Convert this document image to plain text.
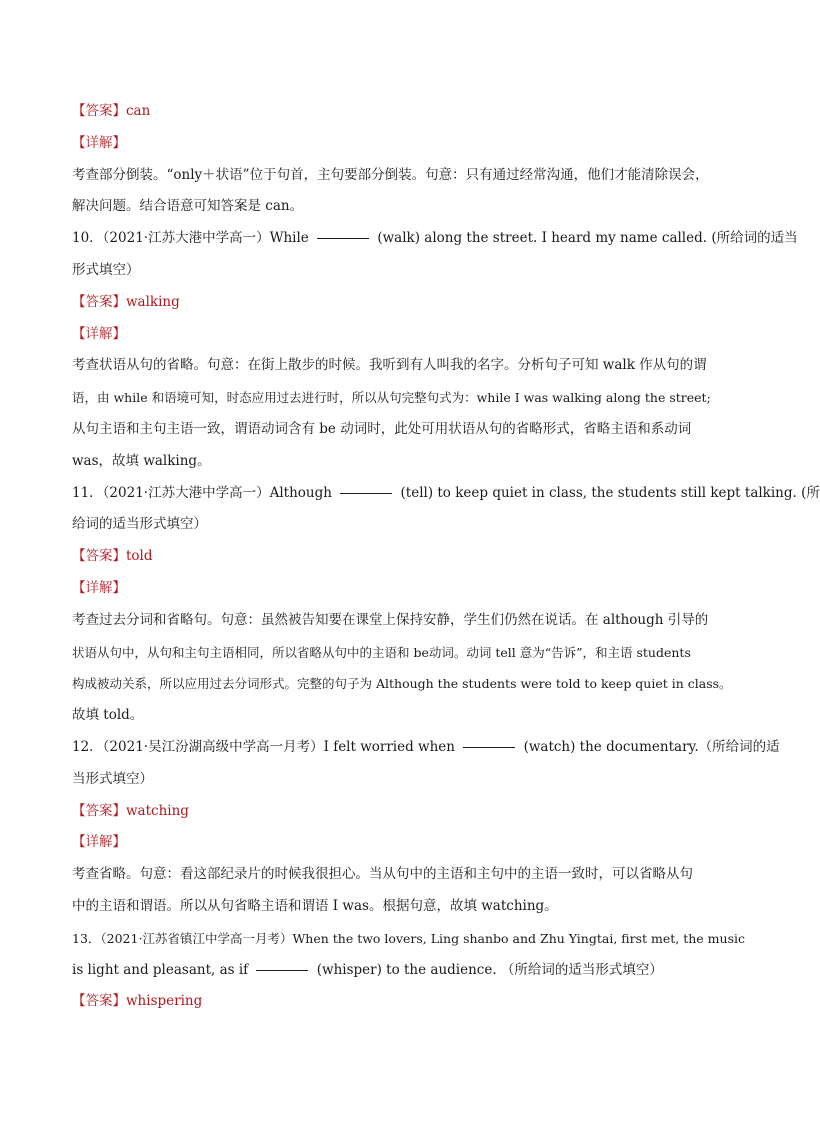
【答案】can
【详解】
考查部分倒装。“only＋状语”位于句首，主句要部分倒装。句意：只有通过经常沟通，他们才能清除误会，
解决问题。结合语意可知答案是 can。
10．（2021·江苏大港中学高一）While	(walk) along the street. I heard my name called. (所给词的适当
形式填空）
【答案】walking
【详解】
考查状语从句的省略。句意：在街上散步的时候。我听到有人叫我的名字。分析句子可知 walk 作从句的谓
语，由 while 和语境可知，时态应用过去进行时，所以从句完整句式为：while I was walking along the street;
从句主语和主句主语一致，谓语动词含有 be 动词时，此处可用状语从句的省略形式，省略主语和系动词
was，故填 walking。
11．（2021·江苏大港中学高一）Although	(tell) to keep quiet in class, the students still kept talking. (所
给词的适当形式填空）
【答案】told
【详解】
考查过去分词和省略句。句意：虽然被告知要在课堂上保持安静，学生们仍然在说话。在 although 引导的
状语从句中，从句和主句主语相同，所以省略从句中的主语和 be动词。动词 tell 意为“告诉”，和主语 students
构成被动关系，所以应用过去分词形式。完整的句子为 Although the students were told to keep quiet in class。
故填 told。
12．（2021·吴江汾湖高级中学高一月考）I felt worried when	(watch) the documentary.（所给词的适
当形式填空）
【答案】watching
【详解】
考查省略。句意：看这部纪录片的时候我很担心。当从句中的主语和主句中的主语一致时，可以省略从句
中的主语和谓语。所以从句省略主语和谓语 I was。根据句意，故填 watching。
13．（2021·江苏省镇江中学高一月考）When the two lovers, Ling shanbo and Zhu Yingtai, first met, the music
is light and pleasant, as if	(whisper) to the audience. （所给词的适当形式填空）
【答案】whispering
